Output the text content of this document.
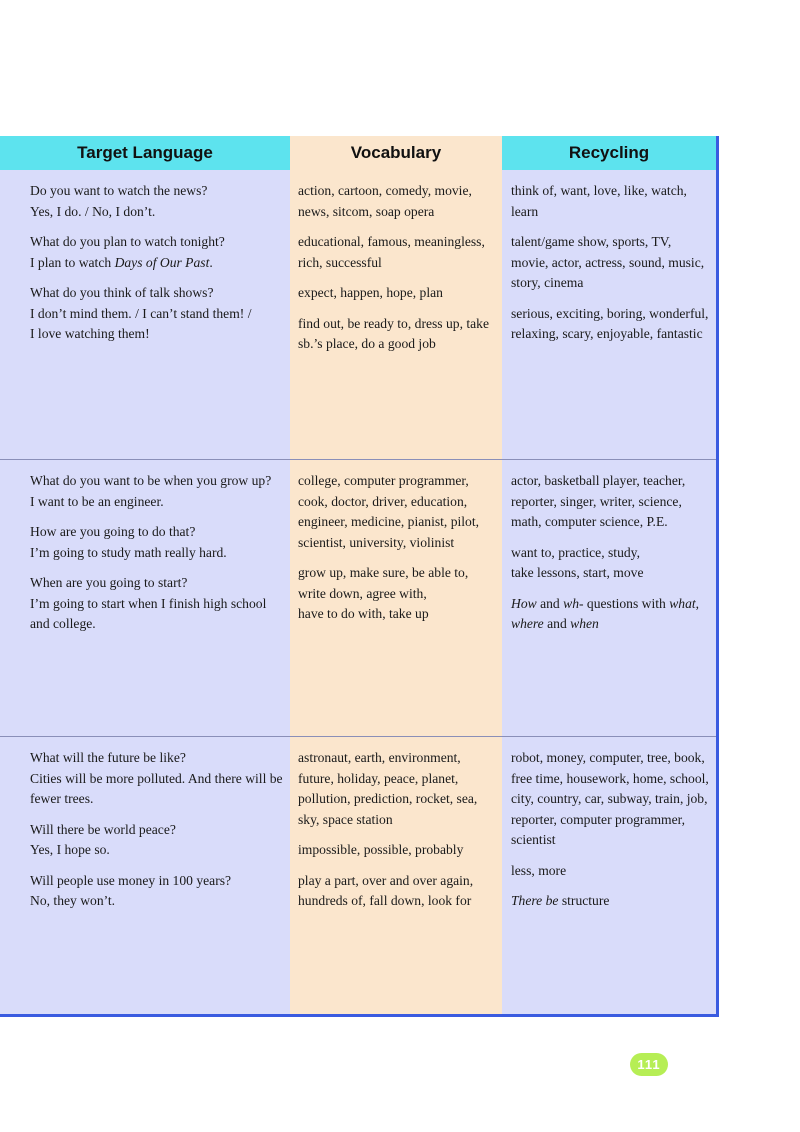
Target Language	Vocabulary	Recycling

Do you want to watch the news?
Yes, I do. / No, I don’t.

What do you plan to watch tonight?
I plan to watch Days of Our Past.

What do you think of talk shows?
I don’t mind them. / I can’t stand them! /
I love watching them!

action, cartoon, comedy, movie, news, sitcom, soap opera

educational, famous, meaningless, rich, successful

expect, happen, hope, plan

find out, be ready to, dress up, take sb.’s place, do a good job

think of, want, love, like, watch, learn

talent/game show, sports, TV, movie, actor, actress, sound, music, story, cinema

serious, exciting, boring, wonderful, relaxing, scary, enjoyable, fantastic

What do you want to be when you grow up?
I want to be an engineer.

How are you going to do that?
I’m going to study math really hard.

When are you going to start?
I’m going to start when I finish high school and college.

college, computer programmer, cook, doctor, driver, education, engineer, medicine, pianist, pilot, scientist, university, violinist

grow up, make sure, be able to,
write down, agree with,
have to do with, take up

actor, basketball player, teacher, reporter, singer, writer, science, math, computer science, P.E.

want to, practice, study,
take lessons, start, move

How and wh- questions with what, where and when

What will the future be like?
Cities will be more polluted. And there will be fewer trees.

Will there be world peace?
Yes, I hope so.

Will people use money in 100 years?
No, they won’t.

astronaut, earth, environment, future, holiday, peace, planet, pollution, prediction, rocket, sea, sky, space station

impossible, possible, probably

play a part, over and over again, hundreds of, fall down, look for

robot, money, computer, tree, book, free time, housework, home, school, city, country, car, subway, train, job, reporter, computer programmer, scientist

less, more

There be structure

111
